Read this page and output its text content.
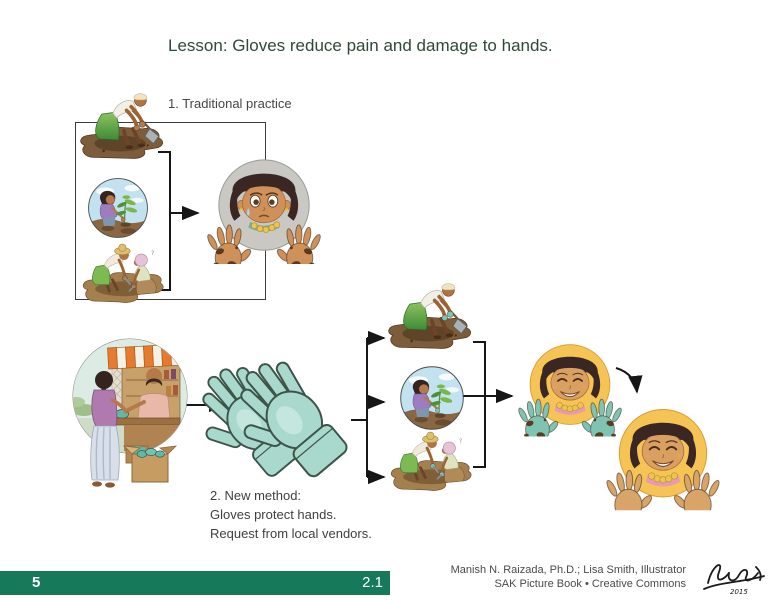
Lesson: Gloves reduce pain and damage to hands.
1. Traditional practice
2. New method:
Gloves protect hands.
Request from local vendors.
5	2.1
Manish N. Raizada, Ph.D.; Lisa Smith, Illustrator
SAK Picture Book • Creative Commons
2015
